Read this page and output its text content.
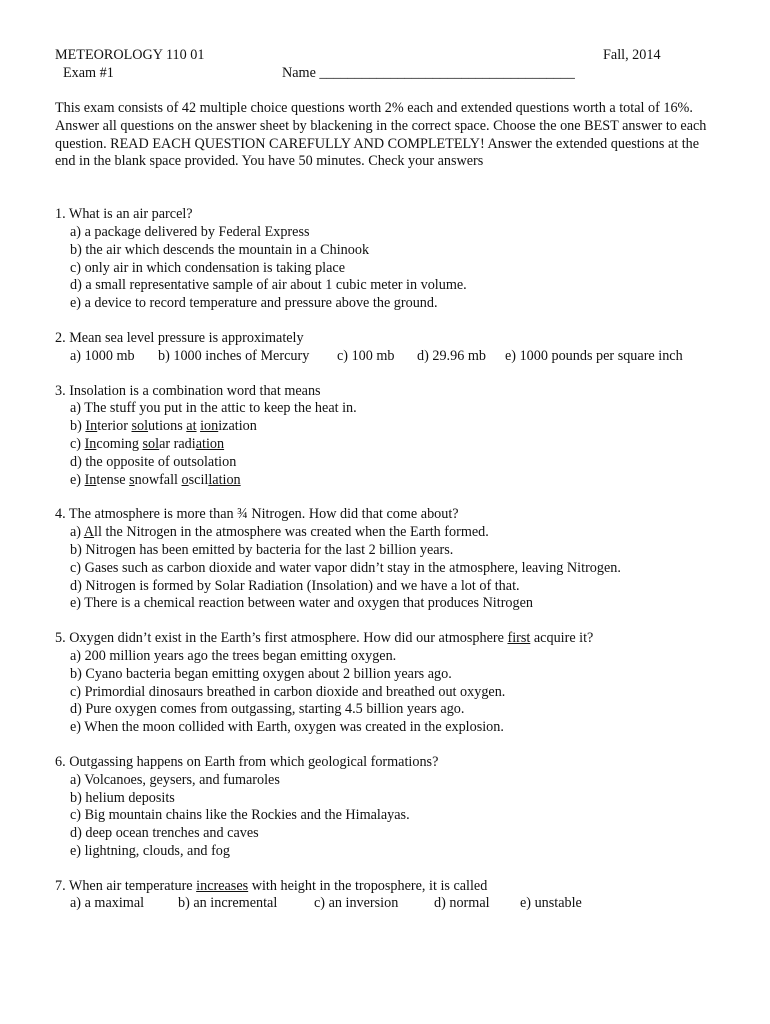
METEOROLOGY 110 01	Fall, 2014
Exam #1	Name ____________________________________
This exam consists of 42 multiple choice questions worth 2% each and extended questions worth a total of 16%. Answer all questions on the answer sheet by blackening in the correct space. Choose the one BEST answer to each question. READ EACH QUESTION CAREFULLY AND COMPLETELY! Answer the extended questions at the end in the blank space provided. You have 50 minutes. Check your answers
1. What is an air parcel?
a) a package delivered by Federal Express
b) the air which descends the mountain in a Chinook
c) only air in which condensation is taking place
d) a small representative sample of air about 1 cubic meter in volume.
e) a device to record temperature and pressure above the ground.
2. Mean sea level pressure is approximately
a) 1000 mb b) 1000 inches of Mercury c) 100 mb d) 29.96 mb e) 1000 pounds per square inch
3. Insolation is a combination word that means
a) The stuff you put in the attic to keep the heat in.
b) Interior solutions at ionization
c) Incoming solar radiation
d) the opposite of outsolation
e) Intense snowfall oscillation
4. The atmosphere is more than ¾ Nitrogen. How did that come about?
a) All the Nitrogen in the atmosphere was created when the Earth formed.
b) Nitrogen has been emitted by bacteria for the last 2 billion years.
c) Gases such as carbon dioxide and water vapor didn’t stay in the atmosphere, leaving Nitrogen.
d) Nitrogen is formed by Solar Radiation (Insolation) and we have a lot of that.
e) There is a chemical reaction between water and oxygen that produces Nitrogen
5. Oxygen didn’t exist in the Earth’s first atmosphere. How did our atmosphere first acquire it?
a) 200 million years ago the trees began emitting oxygen.
b) Cyano bacteria began emitting oxygen about 2 billion years ago.
c) Primordial dinosaurs breathed in carbon dioxide and breathed out oxygen.
d) Pure oxygen comes from outgassing, starting 4.5 billion years ago.
e) When the moon collided with Earth, oxygen was created in the explosion.
6. Outgassing happens on Earth from which geological formations?
a) Volcanoes, geysers, and fumaroles
b) helium deposits
c) Big mountain chains like the Rockies and the Himalayas.
d) deep ocean trenches and caves
e) lightning, clouds, and fog
7. When air temperature increases with height in the troposphere, it is called
a) a maximal b) an incremental	c) an inversion	d) normal e) unstable
